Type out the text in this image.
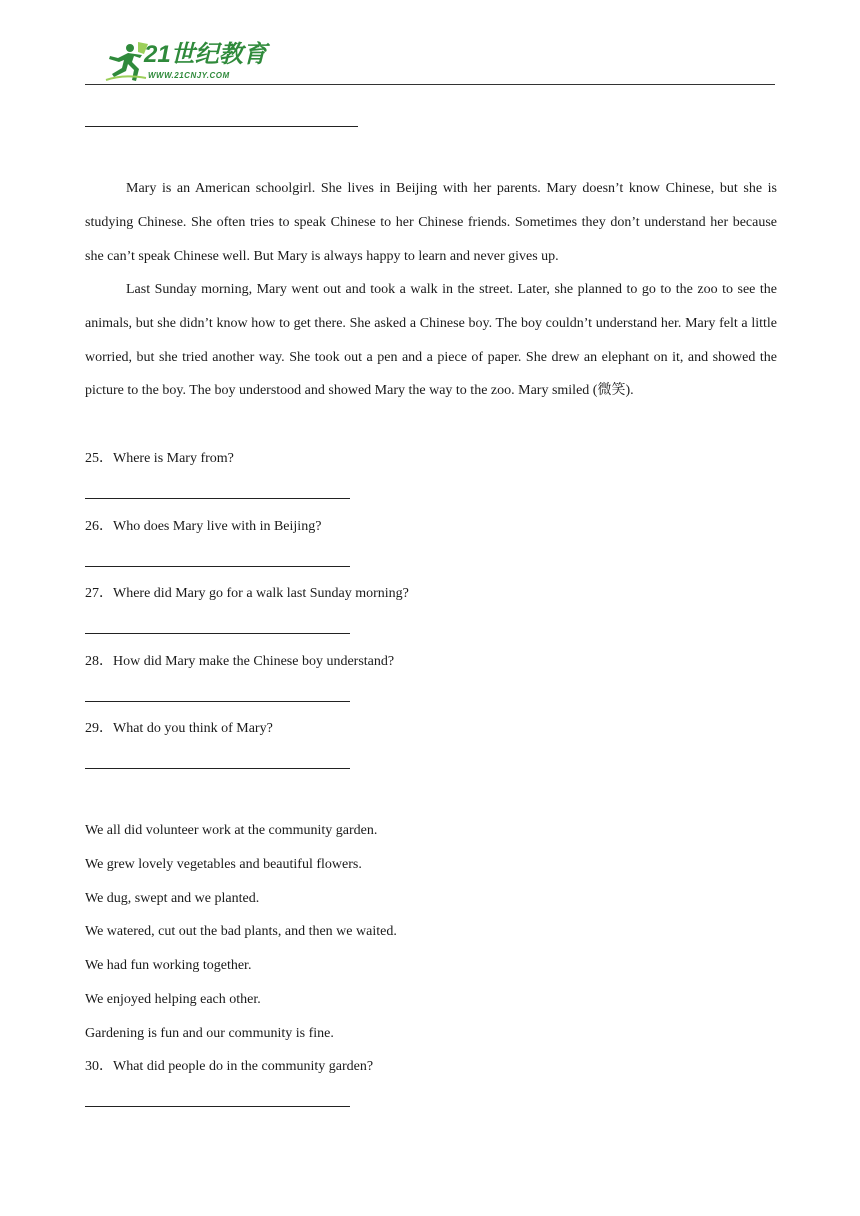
21世纪教育
WWW.21CNJY.COM

Mary is an American schoolgirl. She lives in Beijing with her parents. Mary doesn’t know Chinese, but she is studying Chinese. She often tries to speak Chinese to her Chinese friends. Sometimes they don’t understand her because she can’t speak Chinese well. But Mary is always happy to learn and never gives up.

Last Sunday morning, Mary went out and took a walk in the street. Later, she planned to go to the zoo to see the animals, but she didn’t know how to get there. She asked a Chinese boy. The boy couldn’t understand her. Mary felt a little worried, but she tried another way. She took out a pen and a piece of paper. She drew an elephant on it, and showed the picture to the boy. The boy understood and showed Mary the way to the zoo. Mary smiled (微笑).

25．Where is Mary from?
26．Who does Mary live with in Beijing?
27．Where did Mary go for a walk last Sunday morning?
28．How did Mary make the Chinese boy understand?
29．What do you think of Mary?
We all did volunteer work at the community garden.
We grew lovely vegetables and beautiful flowers.
We dug, swept and we planted.
We watered, cut out the bad plants, and then we waited.
We had fun working together.
We enjoyed helping each other.
Gardening is fun and our community is fine.
30．What did people do in the community garden?
